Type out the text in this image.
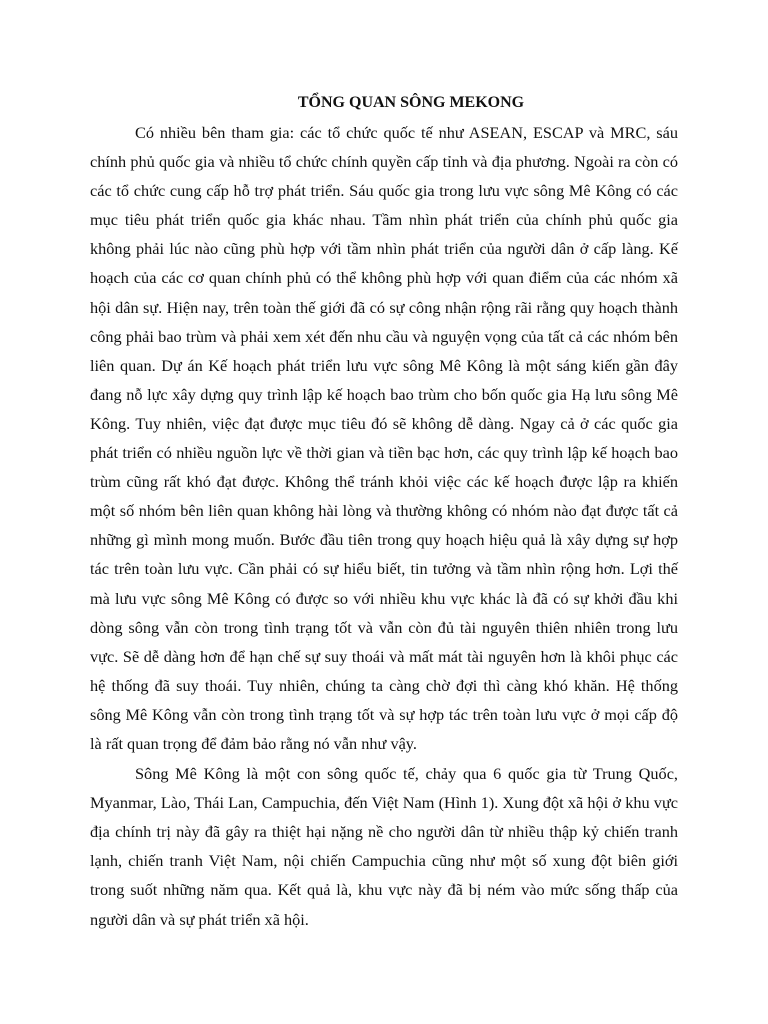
TỔNG QUAN SÔNG MEKONG

Có nhiều bên tham gia: các tổ chức quốc tế như ASEAN, ESCAP và MRC, sáu chính phủ quốc gia và nhiều tổ chức chính quyền cấp tỉnh và địa phương. Ngoài ra còn có các tổ chức cung cấp hỗ trợ phát triển. Sáu quốc gia trong lưu vực sông Mê Kông có các mục tiêu phát triển quốc gia khác nhau. Tầm nhìn phát triển của chính phủ quốc gia không phải lúc nào cũng phù hợp với tầm nhìn phát triển của người dân ở cấp làng. Kế hoạch của các cơ quan chính phủ có thể không phù hợp với quan điểm của các nhóm xã hội dân sự. Hiện nay, trên toàn thế giới đã có sự công nhận rộng rãi rằng quy hoạch thành công phải bao trùm và phải xem xét đến nhu cầu và nguyện vọng của tất cả các nhóm bên liên quan. Dự án Kế hoạch phát triển lưu vực sông Mê Kông là một sáng kiến gần đây đang nỗ lực xây dựng quy trình lập kế hoạch bao trùm cho bốn quốc gia Hạ lưu sông Mê Kông. Tuy nhiên, việc đạt được mục tiêu đó sẽ không dễ dàng. Ngay cả ở các quốc gia phát triển có nhiều nguồn lực về thời gian và tiền bạc hơn, các quy trình lập kế hoạch bao trùm cũng rất khó đạt được. Không thể tránh khỏi việc các kế hoạch được lập ra khiến một số nhóm bên liên quan không hài lòng và thường không có nhóm nào đạt được tất cả những gì mình mong muốn. Bước đầu tiên trong quy hoạch hiệu quả là xây dựng sự hợp tác trên toàn lưu vực. Cần phải có sự hiểu biết, tin tưởng và tầm nhìn rộng hơn. Lợi thế mà lưu vực sông Mê Kông có được so với nhiều khu vực khác là đã có sự khởi đầu khi dòng sông vẫn còn trong tình trạng tốt và vẫn còn đủ tài nguyên thiên nhiên trong lưu vực. Sẽ dễ dàng hơn để hạn chế sự suy thoái và mất mát tài nguyên hơn là khôi phục các hệ thống đã suy thoái. Tuy nhiên, chúng ta càng chờ đợi thì càng khó khăn. Hệ thống sông Mê Kông vẫn còn trong tình trạng tốt và sự hợp tác trên toàn lưu vực ở mọi cấp độ là rất quan trọng để đảm bảo rằng nó vẫn như vậy.

Sông Mê Kông là một con sông quốc tế, chảy qua 6 quốc gia từ Trung Quốc, Myanmar, Lào, Thái Lan, Campuchia, đến Việt Nam (Hình 1). Xung đột xã hội ở khu vực địa chính trị này đã gây ra thiệt hại nặng nề cho người dân từ nhiều thập kỷ chiến tranh lạnh, chiến tranh Việt Nam, nội chiến Campuchia cũng như một số xung đột biên giới trong suốt những năm qua. Kết quả là, khu vực này đã bị ném vào mức sống thấp của người dân và sự phát triển xã hội.
